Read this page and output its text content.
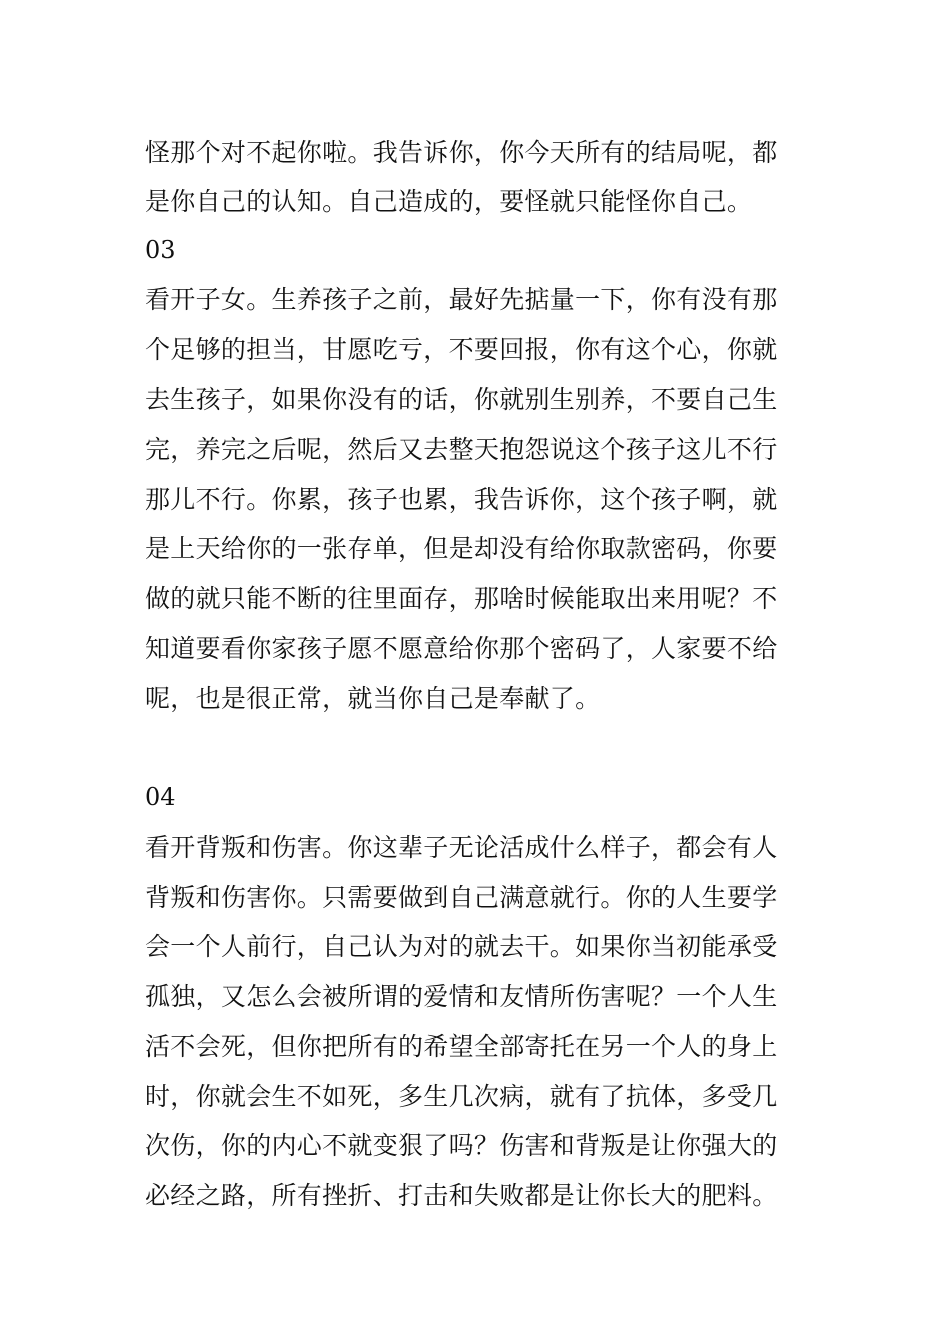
怪那个对不起你啦。我告诉你，你今天所有的结局呢，都
是你自己的认知。自己造成的，要怪就只能怪你自己。
03
看开子女。生养孩子之前，最好先掂量一下，你有没有那
个足够的担当，甘愿吃亏，不要回报，你有这个心，你就
去生孩子，如果你没有的话，你就别生别养，不要自己生
完，养完之后呢，然后又去整天抱怨说这个孩子这儿不行
那儿不行。你累，孩子也累，我告诉你，这个孩子啊，就
是上天给你的一张存单，但是却没有给你取款密码，你要
做的就只能不断的往里面存，那啥时候能取出来用呢？不
知道要看你家孩子愿不愿意给你那个密码了，人家要不给
呢，也是很正常，就当你自己是奉献了。
04
看开背叛和伤害。你这辈子无论活成什么样子，都会有人
背叛和伤害你。只需要做到自己满意就行。你的人生要学
会一个人前行，自己认为对的就去干。如果你当初能承受
孤独，又怎么会被所谓的爱情和友情所伤害呢？一个人生
活不会死，但你把所有的希望全部寄托在另一个人的身上
时，你就会生不如死，多生几次病，就有了抗体，多受几
次伤，你的内心不就变狠了吗？伤害和背叛是让你强大的
必经之路，所有挫折、打击和失败都是让你长大的肥料。
